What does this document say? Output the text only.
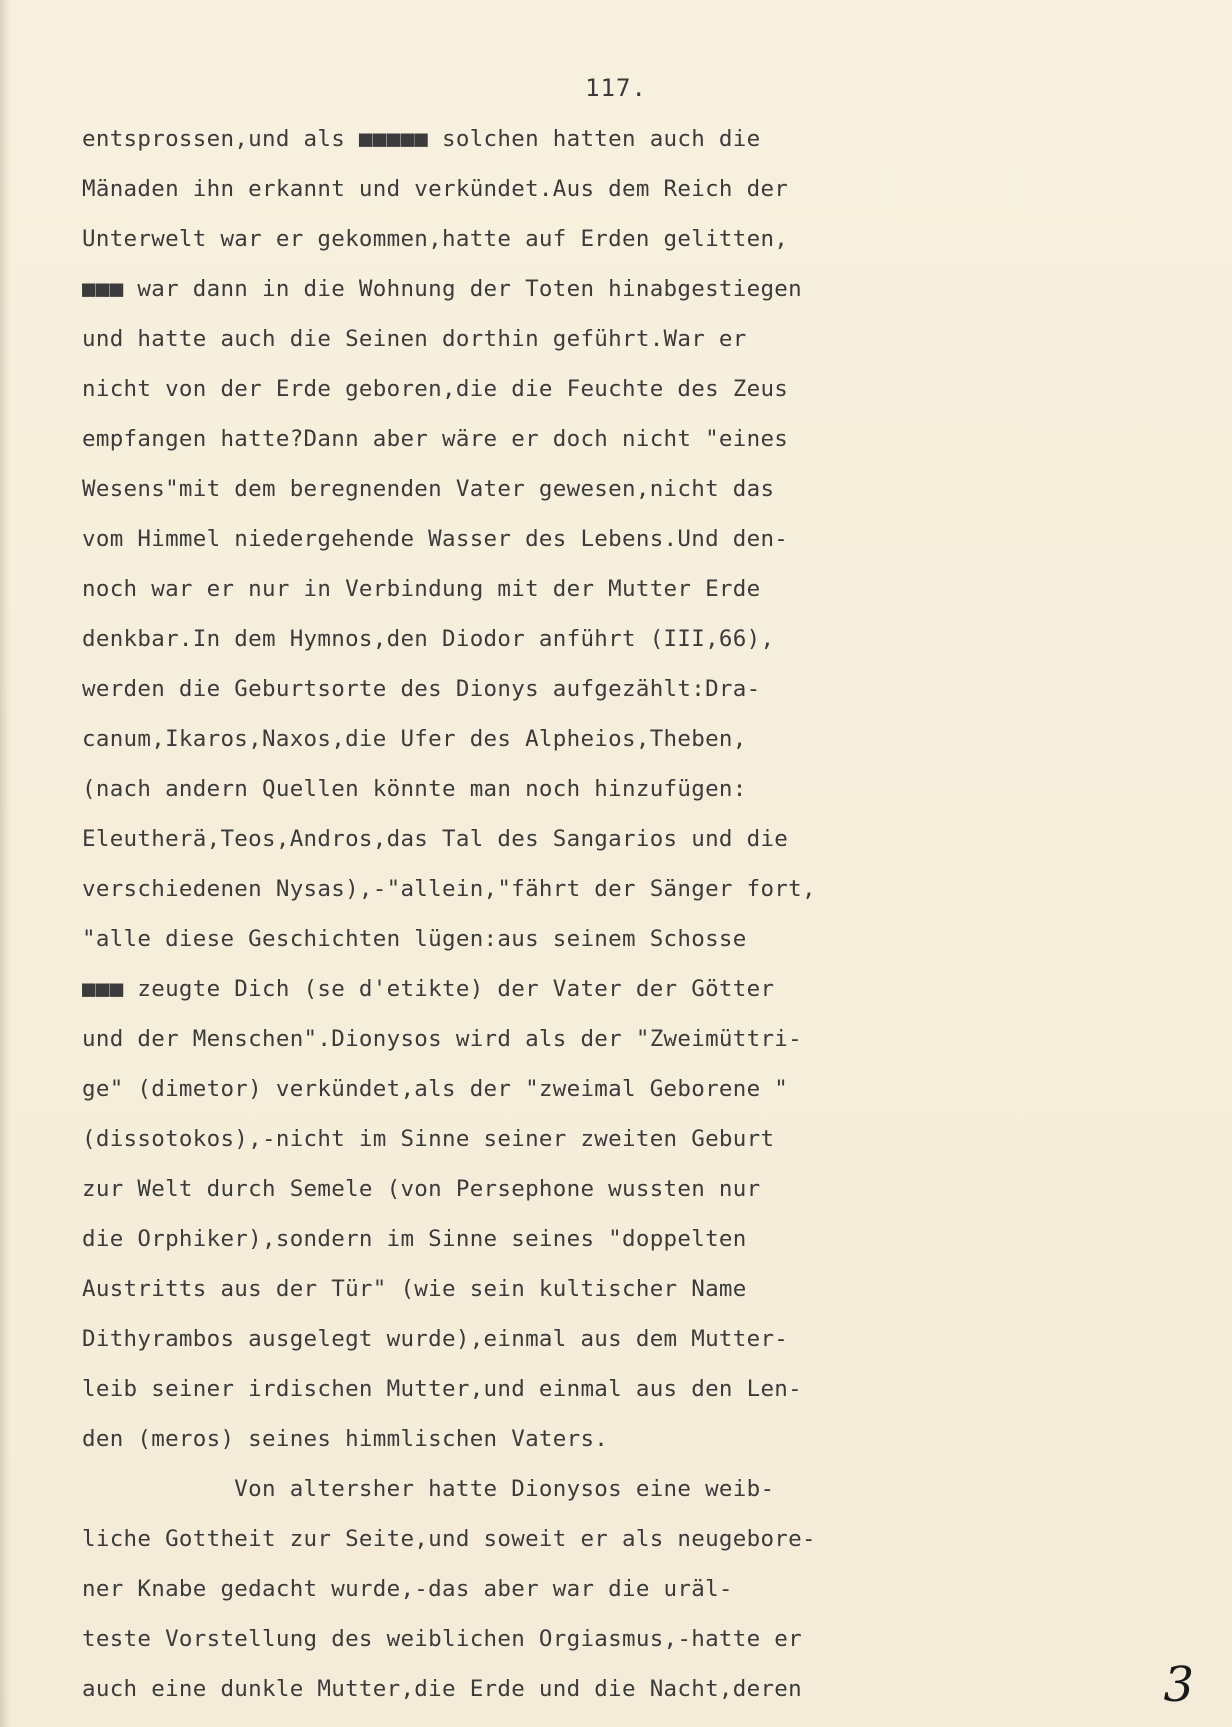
117.
entsprossen,und als ■■■■■ solchen hatten auch die
Mänaden ihn erkannt und verkündet.Aus dem Reich der
Unterwelt war er gekommen,hatte auf Erden gelitten,
■■■ war dann in die Wohnung der Toten hinabgestiegen
und hatte auch die Seinen dorthin geführt.War er
nicht von der Erde geboren,die die Feuchte des Zeus
empfangen hatte?Dann aber wäre er doch nicht "eines
Wesens"mit dem beregnenden Vater gewesen,nicht das
vom Himmel niedergehende Wasser des Lebens.Und den-
noch war er nur in Verbindung mit der Mutter Erde
denkbar.In dem Hymnos,den Diodor anführt (III,66),
werden die Geburtsorte des Dionys aufgezählt:Dra-
canum,Ikaros,Naxos,die Ufer des Alpheios,Theben,
(nach andern Quellen könnte man noch hinzufügen:
Eleutherä,Teos,Andros,das Tal des Sangarios und die
verschiedenen Nysas),-"allein,"fährt der Sänger fort,
"alle diese Geschichten lügen:aus seinem Schosse
■■■ zeugte Dich (se d'etikte) der Vater der Götter
und der Menschen".Dionysos wird als der "Zweimüttri-
ge" (dimetor) verkündet,als der "zweimal Geborene "
(dissotokos),-nicht im Sinne seiner zweiten Geburt
zur Welt durch Semele (von Persephone wussten nur
die Orphiker),sondern im Sinne seines "doppelten
Austritts aus der Tür" (wie sein kultischer Name
Dithyrambos ausgelegt wurde),einmal aus dem Mutter-
leib seiner irdischen Mutter,und einmal aus den Len-
den (meros) seines himmlischen Vaters.
Von altersher hatte Dionysos eine weib-
liche Gottheit zur Seite,und soweit er als neugebore-
ner Knabe gedacht wurde,-das aber war die uräl-
teste Vorstellung des weiblichen Orgiasmus,-hatte er
auch eine dunkle Mutter,die Erde und die Nacht,deren	3
